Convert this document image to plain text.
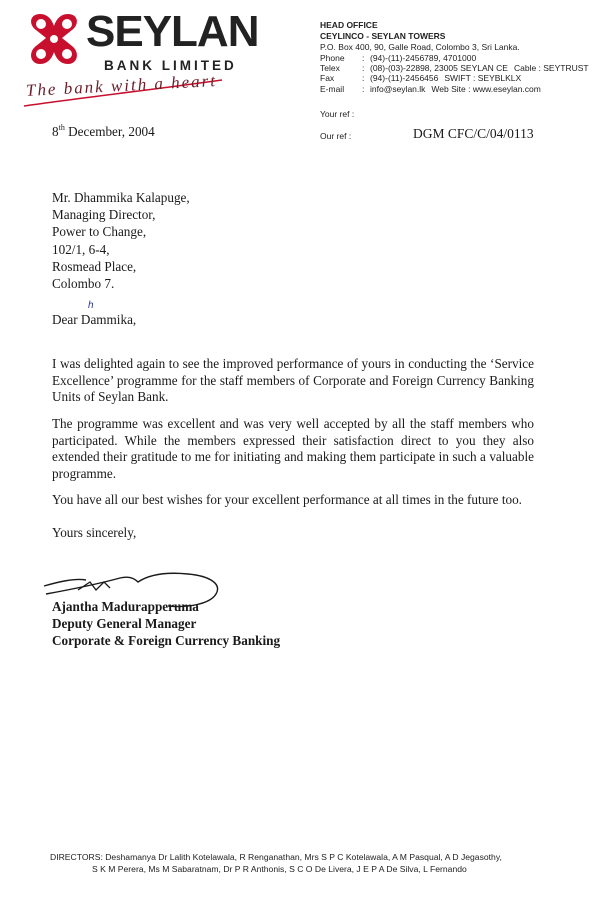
SEYLAN
BANK LIMITED
The bank with a heart
HEAD OFFICE
CEYLINCO - SEYLAN TOWERS
P.O. Box 400, 90, Galle Road, Colombo 3, Sri Lanka.
Phone : (94)-(11)-2456789, 4701000
Telex	: (08)-(03)-22898, 23005 SEYLAN CE Cable : SEYTRUST
Fax	: (94)-(11)-2456456 SWIFT : SEYBLKLX
E-mail : info@seylan.lk Web Site : www.eseylan.com
Your ref :
Our ref :	DGM CFC/C/04/0113
8th December, 2004
Mr. Dhammika Kalapuge,
Managing Director,
Power to Change,
102/1, 6-4,
Rosmead Place,
Colombo 7.
h
Dear Dammika,
I was delighted again to see the improved performance of yours in conducting the ‘Service Excellence’ programme for the staff members of Corporate and Foreign Currency Banking Units of Seylan Bank.
The programme was excellent and was very well accepted by all the staff members who participated. While the members expressed their satisfaction direct to you they also extended their gratitude to me for initiating and making them participate in such a valuable programme.
You have all our best wishes for your excellent performance at all times in the future too.
Yours sincerely,
Ajantha Madurapperuma
Deputy General Manager
Corporate & Foreign Currency Banking
DIRECTORS: Deshamanya Dr Lalith Kotelawala, R Renganathan, Mrs S P C Kotelawala, A M Pasqual, A D Jegasothy,
S K M Perera, Ms M Sabaratnam, Dr P R Anthonis, S C O De Livera, J E P A De Silva, L Fernando
